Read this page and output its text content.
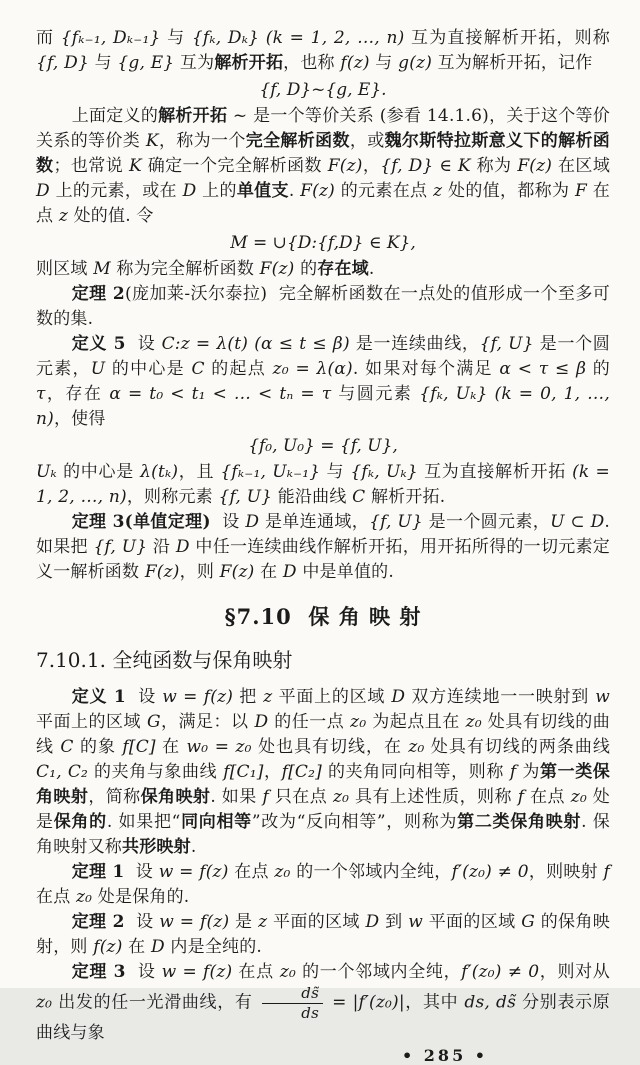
而 {fₖ₋₁, Dₖ₋₁} 与 {fₖ, Dₖ} (k = 1, 2, …, n) 互为直接解析开拓，则称 {f, D} 与 {g, E} 互为解析开拓，也称 f(z) 与 g(z) 互为解析开拓，记作

{f, D}~{g, E}.

上面定义的解析开拓 ~ 是一个等价关系 (参看 14.1.6)，关于这个等价关系的等价类 K，称为一个完全解析函数，或魏尔斯特拉斯意义下的解析函数；也常说 K 确定一个完全解析函数 F(z)，{f, D} ∈ K 称为 F(z) 在区域 D 上的元素，或在 D 上的单值支. F(z) 的元素在点 z 处的值，都称为 F 在点 z 处的值. 令

M = ∪{D:{f,D} ∈ K},

则区域 M 称为完全解析函数 F(z) 的存在域.

定理 2(庞加莱-沃尔泰拉)  完全解析函数在一点处的值形成一个至多可数的集.

定义 5  设 C:z = λ(t) (α ≤ t ≤ β) 是一连续曲线，{f, U} 是一个圆元素，U 的中心是 C 的起点 z₀ = λ(α). 如果对每个满足 α < τ ≤ β 的 τ，存在 α = t₀ < t₁ < … < tₙ = τ 与圆元素 {fₖ, Uₖ} (k = 0, 1, …, n)，使得

{f₀, U₀} = {f, U},

Uₖ 的中心是 λ(tₖ)，且 {fₖ₋₁, Uₖ₋₁} 与 {fₖ, Uₖ} 互为直接解析开拓 (k = 1, 2, …, n)，则称元素 {f, U} 能沿曲线 C 解析开拓.

定理 3(单值定理)  设 D 是单连通域，{f, U} 是一个圆元素，U ⊂ D. 如果把 {f, U} 沿 D 中任一连续曲线作解析开拓，用开拓所得的一切元素定义一解析函数 F(z)，则 F(z) 在 D 中是单值的.

§7.10  保 角 映 射
7.10.1. 全纯函数与保角映射

定义 1  设 w = f(z) 把 z 平面上的区域 D 双方连续地一一映射到 w 平面上的区域 G，满足：以 D 的任一点 z₀ 为起点且在 z₀ 处具有切线的曲线 C 的象 f[C] 在 w₀ = z₀ 处也具有切线，在 z₀ 处具有切线的两条曲线 C₁, C₂ 的夹角与象曲线 f[C₁]，f[C₂] 的夹角同向相等，则称 f 为第一类保角映射，简称保角映射. 如果 f 只在点 z₀ 具有上述性质，则称 f 在点 z₀ 处是保角的. 如果把“同向相等”改为“反向相等”，则称为第二类保角映射. 保角映射又称共形映射.

定理 1  设 w = f(z) 在点 z₀ 的一个邻域内全纯，f′(z₀) ≠ 0，则映射 f 在点 z₀ 处是保角的.

定理 2  设 w = f(z) 是 z 平面的区域 D 到 w 平面的区域 G 的保角映射，则 f(z) 在 D 内是全纯的.

定理 3  设 w = f(z) 在点 z₀ 的一个邻域内全纯，f′(z₀) ≠ 0，则对从 z₀ 出发的任一光滑曲线，有 $\frac{ds̃}{ds} = |f'(z_0)|$，其中 ds, ds̃ 分别表示原曲线与象

• 285 •
